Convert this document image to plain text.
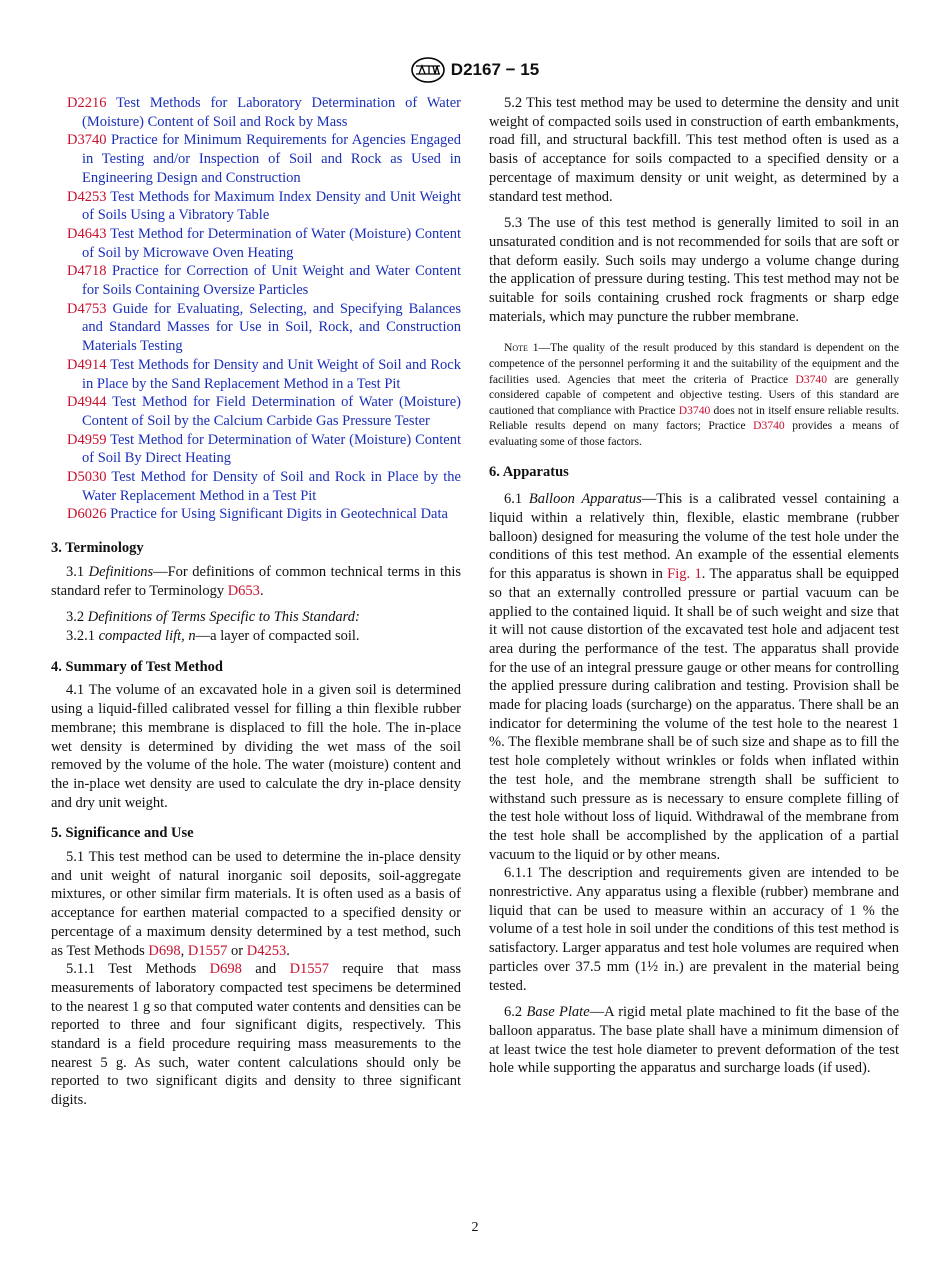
D2167 − 15
D2216 Test Methods for Laboratory Determination of Water (Moisture) Content of Soil and Rock by Mass
D3740 Practice for Minimum Requirements for Agencies Engaged in Testing and/or Inspection of Soil and Rock as Used in Engineering Design and Construction
D4253 Test Methods for Maximum Index Density and Unit Weight of Soils Using a Vibratory Table
D4643 Test Method for Determination of Water (Moisture) Content of Soil by Microwave Oven Heating
D4718 Practice for Correction of Unit Weight and Water Content for Soils Containing Oversize Particles
D4753 Guide for Evaluating, Selecting, and Specifying Balances and Standard Masses for Use in Soil, Rock, and Construction Materials Testing
D4914 Test Methods for Density and Unit Weight of Soil and Rock in Place by the Sand Replacement Method in a Test Pit
D4944 Test Method for Field Determination of Water (Moisture) Content of Soil by the Calcium Carbide Gas Pressure Tester
D4959 Test Method for Determination of Water (Moisture) Content of Soil By Direct Heating
D5030 Test Method for Density of Soil and Rock in Place by the Water Replacement Method in a Test Pit
D6026 Practice for Using Significant Digits in Geotechnical Data
3. Terminology
3.1 Definitions—For definitions of common technical terms in this standard refer to Terminology D653.
3.2 Definitions of Terms Specific to This Standard:
3.2.1 compacted lift, n—a layer of compacted soil.
4. Summary of Test Method
4.1 The volume of an excavated hole in a given soil is determined using a liquid-filled calibrated vessel for filling a thin flexible rubber membrane; this membrane is displaced to fill the hole. The in-place wet density is determined by dividing the wet mass of the soil removed by the volume of the hole. The water (moisture) content and the in-place wet density are used to calculate the dry in-place density and dry unit weight.
5. Significance and Use
5.1 This test method can be used to determine the in-place density and unit weight of natural inorganic soil deposits, soil-aggregate mixtures, or other similar firm materials. It is often used as a basis of acceptance for earthen material compacted to a specified density or percentage of a maximum density determined by a test method, such as Test Methods D698, D1557 or D4253.
5.1.1 Test Methods D698 and D1557 require that mass measurements of laboratory compacted test specimens be determined to the nearest 1 g so that computed water contents and densities can be reported to three and four significant digits, respectively. This standard is a field procedure requiring mass measurements to the nearest 5 g. As such, water content calculations should only be reported to two significant digits and density to three significant digits.
5.2 This test method may be used to determine the density and unit weight of compacted soils used in construction of earth embankments, road fill, and structural backfill. This test method often is used as a basis of acceptance for soils compacted to a specified density or a percentage of maximum density or unit weight, as determined by a standard test method.
5.3 The use of this test method is generally limited to soil in an unsaturated condition and is not recommended for soils that are soft or that deform easily. Such soils may undergo a volume change during the application of pressure during testing. This test method may not be suitable for soils containing crushed rock fragments or sharp edge materials, which may puncture the rubber membrane.
Note 1—The quality of the result produced by this standard is dependent on the competence of the personnel performing it and the suitability of the equipment and the facilities used. Agencies that meet the criteria of Practice D3740 are generally considered capable of competent and objective testing. Users of this standard are cautioned that compliance with Practice D3740 does not in itself ensure reliable results. Reliable results depend on many factors; Practice D3740 provides a means of evaluating some of those factors.
6. Apparatus
6.1 Balloon Apparatus—This is a calibrated vessel containing a liquid within a relatively thin, flexible, elastic membrane (rubber balloon) designed for measuring the volume of the test hole under the conditions of this test method. An example of the essential elements for this apparatus is shown in Fig. 1. The apparatus shall be equipped so that an externally controlled pressure or partial vacuum can be applied to the contained liquid. It shall be of such weight and size that it will not cause distortion of the excavated test hole and adjacent test area during the performance of the test. The apparatus shall provide for the use of an integral pressure gauge or other means for controlling the applied pressure during calibration and testing. Provision shall be made for placing loads (surcharge) on the apparatus. There shall be an indicator for determining the volume of the test hole to the nearest 1 %. The flexible membrane shall be of such size and shape as to fill the test hole completely without wrinkles or folds when inflated within the test hole, and the membrane strength shall be sufficient to withstand such pressure as is necessary to ensure complete filling of the test hole without loss of liquid. Withdrawal of the membrane from the test hole shall be accomplished by the application of a partial vacuum to the liquid or by other means.
6.1.1 The description and requirements given are intended to be nonrestrictive. Any apparatus using a flexible (rubber) membrane and liquid that can be used to measure within an accuracy of 1 % the volume of a test hole in soil under the conditions of this test method is satisfactory. Larger apparatus and test hole volumes are required when particles over 37.5 mm (1½ in.) are prevalent in the material being tested.
6.2 Base Plate—A rigid metal plate machined to fit the base of the balloon apparatus. The base plate shall have a minimum dimension of at least twice the test hole diameter to prevent deformation of the test hole while supporting the apparatus and surcharge loads (if used).
2
